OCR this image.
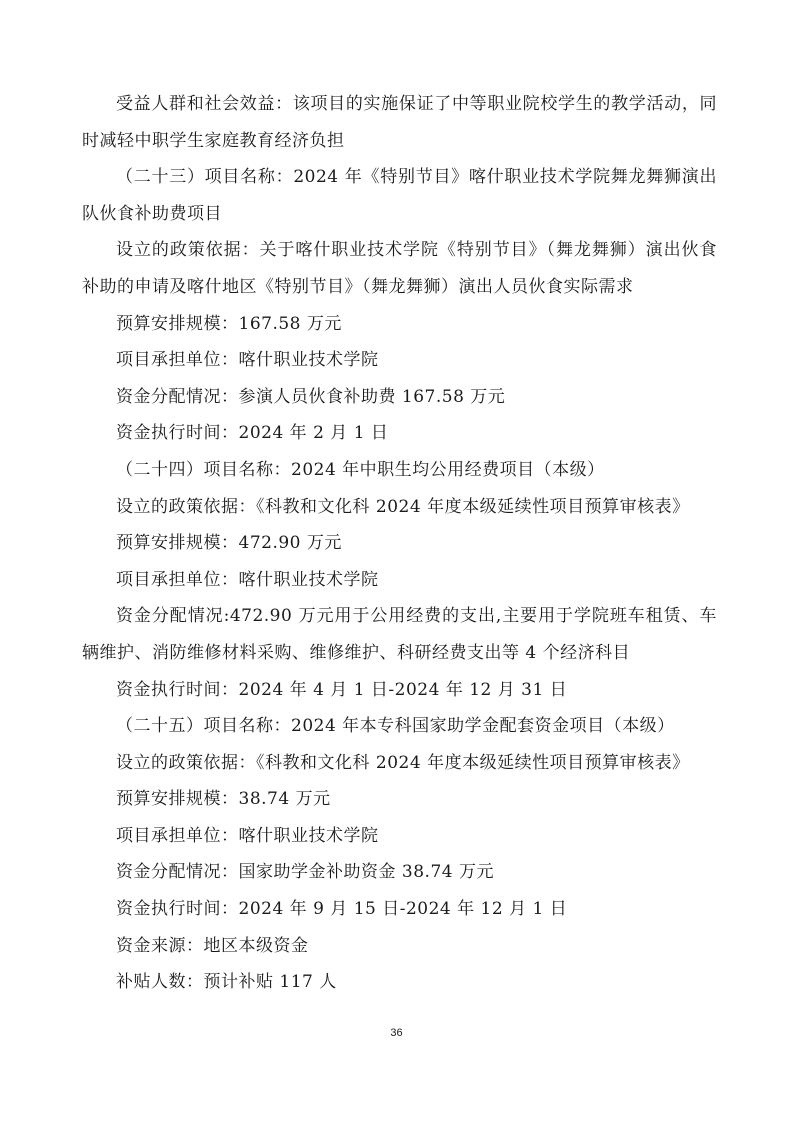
受益人群和社会效益：该项目的实施保证了中等职业院校学生的教学活动，同时减轻中职学生家庭教育经济负担

（二十三）项目名称：2024 年《特别节目》喀什职业技术学院舞龙舞狮演出队伙食补助费项目

设立的政策依据：关于喀什职业技术学院《特别节目》（舞龙舞狮）演出伙食补助的申请及喀什地区《特别节目》（舞龙舞狮）演出人员伙食实际需求

预算安排规模：167.58 万元

项目承担单位：喀什职业技术学院

资金分配情况：参演人员伙食补助费 167.58 万元

资金执行时间：2024 年 2 月 1 日

（二十四）项目名称：2024 年中职生均公用经费项目（本级）

设立的政策依据：《科教和文化科 2024 年度本级延续性项目预算审核表》

预算安排规模：472.90 万元

项目承担单位：喀什职业技术学院

资金分配情况:472.90 万元用于公用经费的支出,主要用于学院班车租赁、车辆维护、消防维修材料采购、维修维护、科研经费支出等 4 个经济科目

资金执行时间：2024 年 4 月 1 日-2024 年 12 月 31 日

（二十五）项目名称：2024 年本专科国家助学金配套资金项目（本级）

设立的政策依据：《科教和文化科 2024 年度本级延续性项目预算审核表》

预算安排规模：38.74 万元

项目承担单位：喀什职业技术学院

资金分配情况：国家助学金补助资金 38.74 万元

资金执行时间：2024 年 9 月 15 日-2024 年 12 月 1 日

资金来源：地区本级资金

补贴人数：预计补贴 117 人

36
